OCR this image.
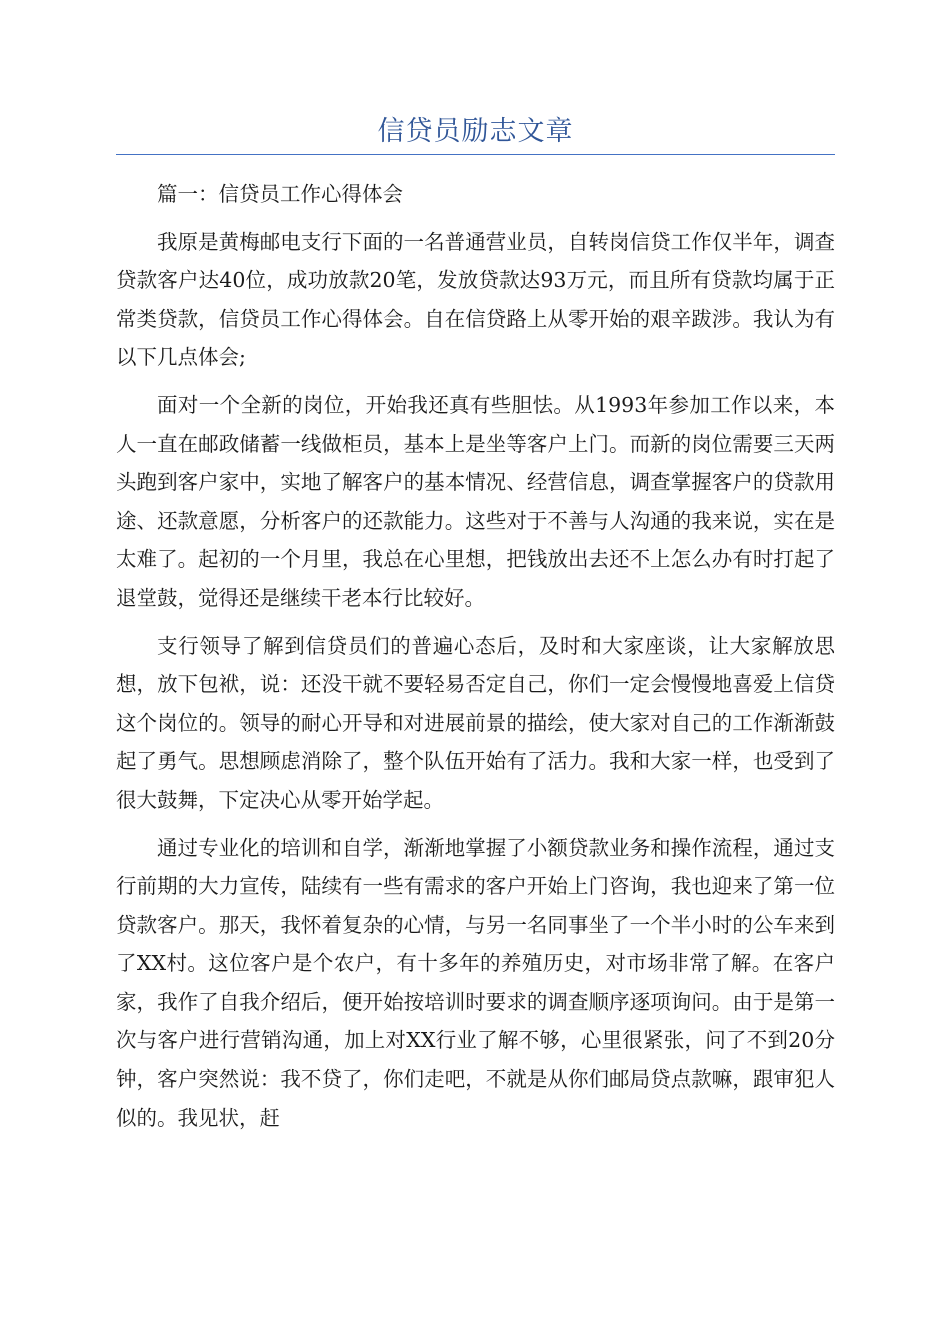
信贷员励志文章

篇一：信贷员工作心得体会

我原是黄梅邮电支行下面的一名普通营业员，自转岗信贷工作仅半年，调查贷款客户达40位，成功放款20笔，发放贷款达93万元，而且所有贷款均属于正常类贷款，信贷员工作心得体会。自在信贷路上从零开始的艰辛跋涉。我认为有以下几点体会;

面对一个全新的岗位，开始我还真有些胆怯。从1993年参加工作以来，本人一直在邮政储蓄一线做柜员，基本上是坐等客户上门。而新的岗位需要三天两头跑到客户家中，实地了解客户的基本情况、经营信息，调查掌握客户的贷款用途、还款意愿，分析客户的还款能力。这些对于不善与人沟通的我来说，实在是太难了。起初的一个月里，我总在心里想，把钱放出去还不上怎么办有时打起了退堂鼓，觉得还是继续干老本行比较好。

支行领导了解到信贷员们的普遍心态后，及时和大家座谈，让大家解放思想，放下包袱，说：还没干就不要轻易否定自己，你们一定会慢慢地喜爱上信贷这个岗位的。领导的耐心开导和对进展前景的描绘，使大家对自己的工作渐渐鼓起了勇气。思想顾虑消除了，整个队伍开始有了活力。我和大家一样，也受到了很大鼓舞，下定决心从零开始学起。

通过专业化的培训和自学，渐渐地掌握了小额贷款业务和操作流程，通过支行前期的大力宣传，陆续有一些有需求的客户开始上门咨询，我也迎来了第一位贷款客户。那天，我怀着复杂的心情，与另一名同事坐了一个半小时的公车来到了XX村。这位客户是个农户，有十多年的养殖历史，对市场非常了解。在客户家，我作了自我介绍后，便开始按培训时要求的调查顺序逐项询问。由于是第一次与客户进行营销沟通，加上对XX行业了解不够，心里很紧张，问了不到20分钟，客户突然说：我不贷了，你们走吧，不就是从你们邮局贷点款嘛，跟审犯人似的。我见状，赶
